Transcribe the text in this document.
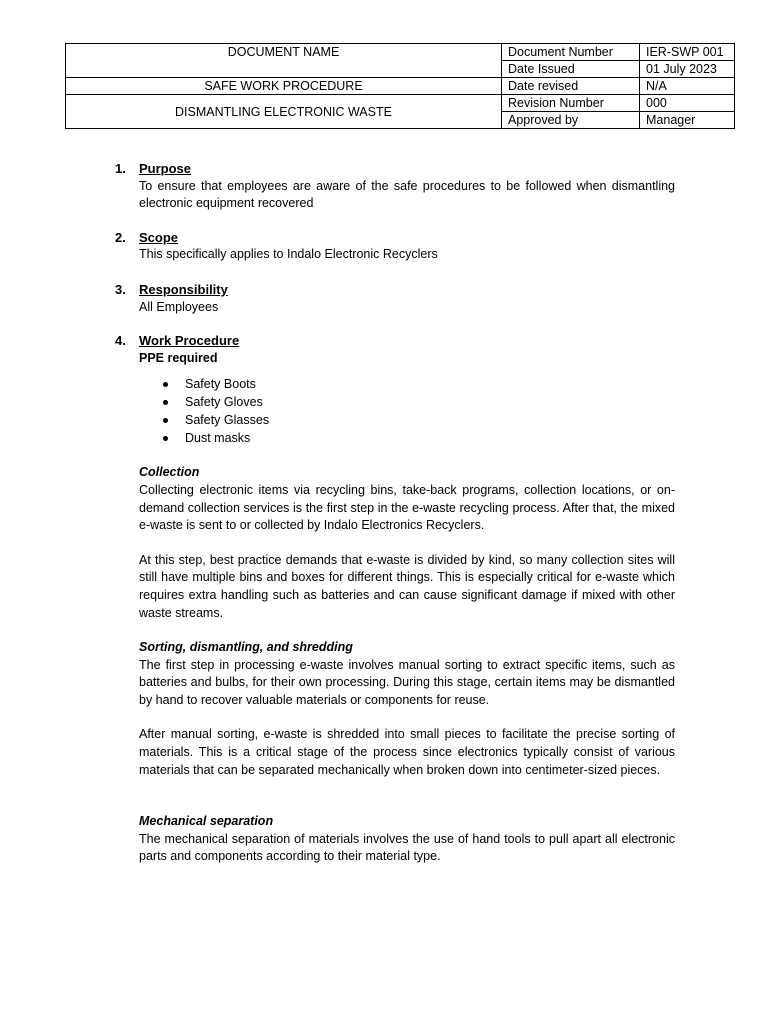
DOCUMENT NAME	Document Number	IER-SWP 001
	Date Issued	01 July 2023
SAFE WORK PROCEDURE	Date revised	N/A
DISMANTLING ELECTRONIC WASTE	Revision Number	000
	Approved by	Manager
1. Purpose
To ensure that employees are aware of the safe procedures to be followed when dismantling electronic equipment recovered
2. Scope
This specifically applies to Indalo Electronic Recyclers
3. Responsibility
All Employees
4. Work Procedure
PPE required
Safety Boots
Safety Gloves
Safety Glasses
Dust masks
Collection
Collecting electronic items via recycling bins, take-back programs, collection locations, or on-demand collection services is the first step in the e-waste recycling process. After that, the mixed e-waste is sent to or collected by Indalo Electronics Recyclers.
At this step, best practice demands that e-waste is divided by kind, so many collection sites will still have multiple bins and boxes for different things. This is especially critical for e-waste which requires extra handling such as batteries and can cause significant damage if mixed with other waste streams.
Sorting, dismantling, and shredding
The first step in processing e-waste involves manual sorting to extract specific items, such as batteries and bulbs, for their own processing. During this stage, certain items may be dismantled by hand to recover valuable materials or components for reuse.
After manual sorting, e-waste is shredded into small pieces to facilitate the precise sorting of materials. This is a critical stage of the process since electronics typically consist of various materials that can be separated mechanically when broken down into centimeter-sized pieces.
Mechanical separation
The mechanical separation of materials involves the use of hand tools to pull apart all electronic parts and components according to their material type.
